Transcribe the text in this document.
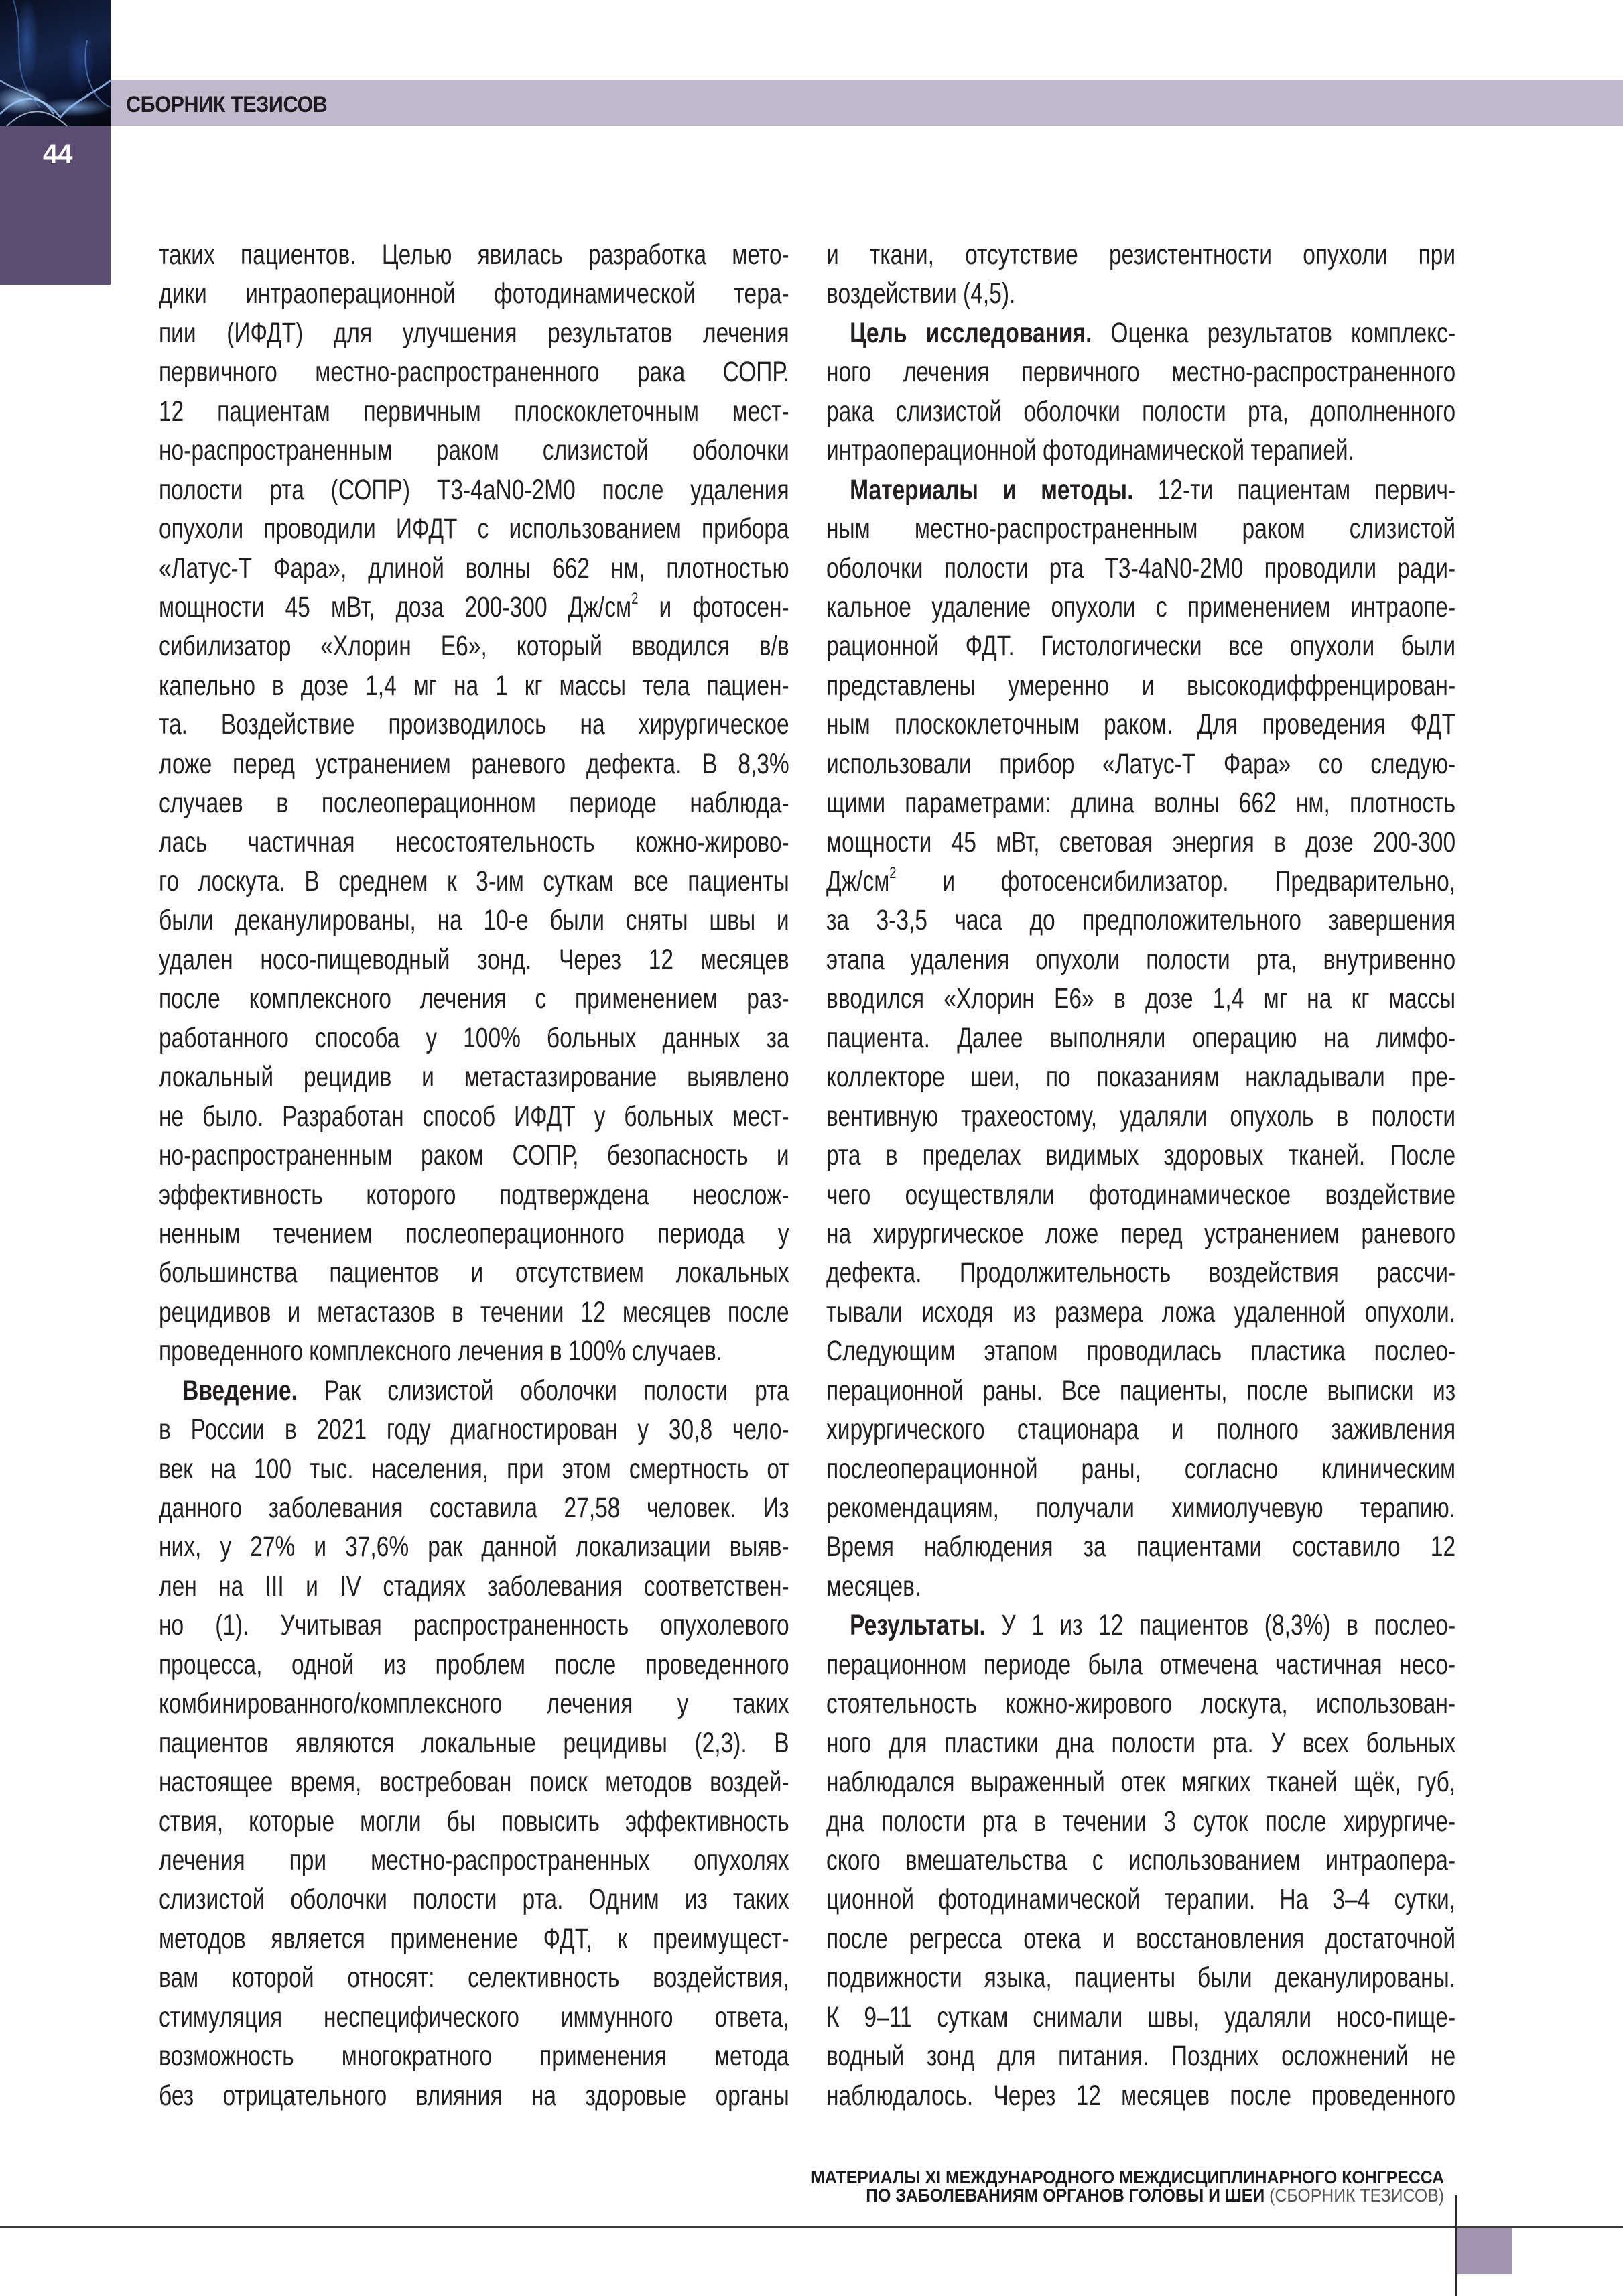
СБОРНИК ТЕЗИСОВ
44
таких пациентов. Целью явилась разработка мето-
дики интраоперационной фотодинамической тера-
пии (ИФДТ) для улучшения результатов лечения
первичного местно-распространенного рака СОПР.
12 пациентам первичным плоскоклеточным мест-
но-распространенным раком слизистой оболочки
полости рта (СОПР) Т3-4аN0-2M0 после удаления
опухоли проводили ИФДТ с использованием прибора
«Латус-Т Фара», длиной волны 662 нм, плотностью
мощности 45 мВт, доза 200-300 $Дж/см^2$ и фотосен-
сибилизатор «Хлорин Е6», который вводился в/в
капельно в дозе 1,4 мг на 1 кг массы тела пациен-
та. Воздействие производилось на хирургическое
ложе перед устранением раневого дефекта. В 8,3%
случаев в послеоперационном периоде наблюда-
лась частичная несостоятельность кожно-жирово-
го лоскута. В среднем к 3-им суткам все пациенты
были деканулированы, на 10-е были сняты швы и
удален носо-пищеводный зонд. Через 12 месяцев
после комплексного лечения с применением раз-
работанного способа у 100% больных данных за
локальный рецидив и метастазирование выявлено
не было. Разработан способ ИФДТ у больных мест-
но-распространенным раком СОПР, безопасность и
эффективность которого подтверждена неослож-
ненным течением послеоперационного периода у
большинства пациентов и отсутствием локальных
рецидивов и метастазов в течении 12 месяцев после
проведенного комплексного лечения в 100% случаев.
Введение. Рак слизистой оболочки полости рта
в России в 2021 году диагностирован у 30,8 чело-
век на 100 тыс. населения, при этом смертность от
данного заболевания составила 27,58 человек. Из
них, у 27% и 37,6% рак данной локализации выяв-
лен на III и IV стадиях заболевания соответствен-
но (1). Учитывая распространенность опухолевого
процесса, одной из проблем после проведенного
комбинированного/комплексного лечения у таких
пациентов являются локальные рецидивы (2,3). В
настоящее время, востребован поиск методов воздей-
ствия, которые могли бы повысить эффективность
лечения при местно-распространенных опухолях
слизистой оболочки полости рта. Одним из таких
методов является применение ФДТ, к преимущест-
вам которой относят: селективность воздействия,
стимуляция неспецифического иммунного ответа,
возможность многократного применения метода
без отрицательного влияния на здоровые органы
и ткани, отсутствие резистентности опухоли при
воздействии (4,5).
Цель исследования. Оценка результатов комплекс-
ного лечения первичного местно-распространенного
рака слизистой оболочки полости рта, дополненного
интраоперационной фотодинамической терапией.
Материалы и методы. 12-ти пациентам первич-
ным местно-распространенным раком слизистой
оболочки полости рта Т3-4аN0-2M0 проводили ради-
кальное удаление опухоли с применением интраопе-
рационной ФДТ. Гистологически все опухоли были
представлены умеренно и высокодиффренцирован-
ным плоскоклеточным раком. Для проведения ФДТ
использовали прибор «Латус-Т Фара» со следую-
щими параметрами: длина волны 662 нм, плотность
мощности 45 мВт, световая энергия в дозе 200-300
$Дж/см^2$ и фотосенсибилизатор. Предварительно,
за 3-3,5 часа до предположительного завершения
этапа удаления опухоли полости рта, внутривенно
вводился «Хлорин Е6» в дозе 1,4 мг на кг массы
пациента. Далее выполняли операцию на лимфо-
коллекторе шеи, по показаниям накладывали пре-
вентивную трахеостому, удаляли опухоль в полости
рта в пределах видимых здоровых тканей. После
чего осуществляли фотодинамическое воздействие
на хирургическое ложе перед устранением раневого
дефекта. Продолжительность воздействия рассчи-
тывали исходя из размера ложа удаленной опухоли.
Следующим этапом проводилась пластика послео-
перационной раны. Все пациенты, после выписки из
хирургического стационара и полного заживления
послеоперационной раны, согласно клиническим
рекомендациям, получали химиолучевую терапию.
Время наблюдения за пациентами составило 12
месяцев.
Результаты. У 1 из 12 пациентов (8,3%) в послео-
перационном периоде была отмечена частичная несо-
стоятельность кожно-жирового лоскута, использован-
ного для пластики дна полости рта. У всех больных
наблюдался выраженный отек мягких тканей щёк, губ,
дна полости рта в течении 3 суток после хирургиче-
ского вмешательства с использованием интраопера-
ционной фотодинамической терапии. На 3–4 сутки,
после регресса отека и восстановления достаточной
подвижности языка, пациенты были деканулированы.
К 9–11 суткам снимали швы, удаляли носо-пище-
водный зонд для питания. Поздних осложнений не
наблюдалось. Через 12 месяцев после проведенного
МАТЕРИАЛЫ XI МЕЖДУНАРОДНОГО МЕЖДИСЦИПЛИНАРНОГО КОНГРЕССА
ПО ЗАБОЛЕВАНИЯМ ОРГАНОВ ГОЛОВЫ И ШЕИ (СБОРНИК ТЕЗИСОВ)
